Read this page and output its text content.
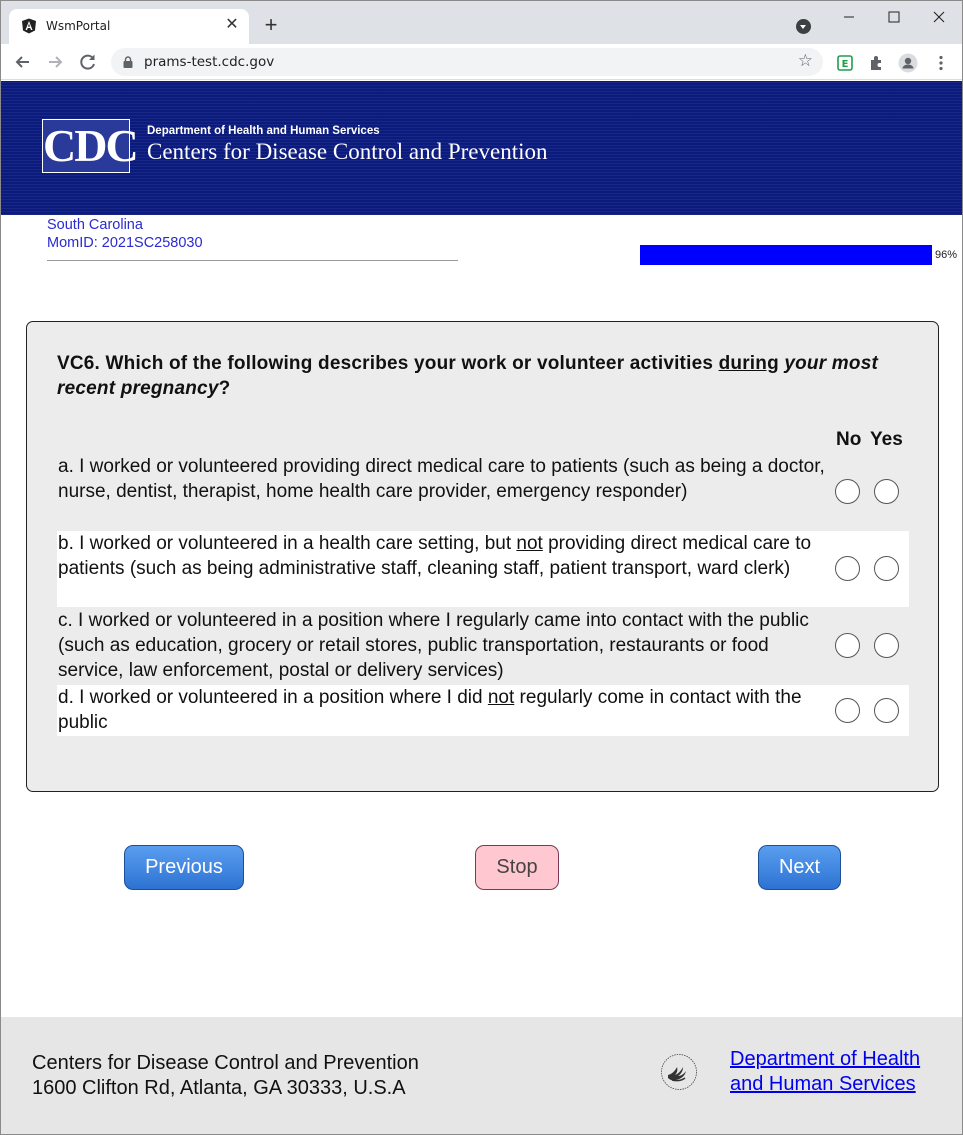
WsmPortal	✕ +
prams-test.cdc.gov	☆	E
CDC Department of Health and Human Services
Centers for Disease Control and Prevention
South Carolina
MomID: 2021SC258030
96%
VC6. Which of the following describes your work or volunteer activities during your most recent pregnancy?
No Yes
a. I worked or volunteered providing direct medical care to patients (such as being a doctor, nurse, dentist, therapist, home health care provider, emergency responder)
b. I worked or volunteered in a health care setting, but not providing direct medical care to patients (such as being administrative staff, cleaning staff, patient transport, ward clerk)
c. I worked or volunteered in a position where I regularly came into contact with the public (such as education, grocery or retail stores, public transportation, restaurants or food service, law enforcement, postal or delivery services)
d. I worked or volunteered in a position where I did not regularly come in contact with the public
Previous	Stop	Next
Centers for Disease Control and Prevention
1600 Clifton Rd, Atlanta, GA 30333, U.S.A
Department of Health
and Human Services
